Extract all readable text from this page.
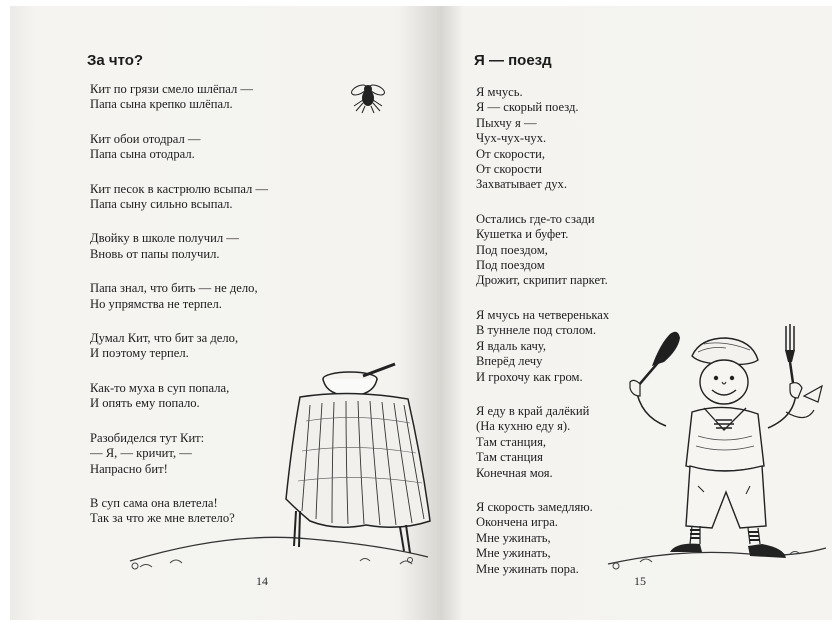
За что?
Кит по грязи смело шлёпал —
Папа сына крепко шлёпал.
Кит обои отодрал —
Папа сына отодрал.
Кит песок в кастрюлю всыпал —
Папа сыну сильно всыпал.
Двойку в школе получил —
Вновь от папы получил.
Папа знал, что бить — не дело,
Но упрямства не терпел.
Думал Кит, что бит за дело,
И поэтому терпел.
Как-то муха в суп попала,
И опять ему попало.
Разобиделся тут Кит:
— Я, — кричит, —
Напрасно бит!
В суп сама она влетела!
Так за что же мне влетело?
14
Я — поезд
Я мчусь.
Я — скорый поезд.
Пыхчу я —
Чух-чух-чух.
От скорости,
От скорости
Захватывает дух.
Остались где-то сзади
Кушетка и буфет.
Под поездом,
Под поездом
Дрожит, скрипит паркет.
Я мчусь на четвереньках
В туннеле под столом.
Я вдаль качу,
Вперёд лечу
И грохочу как гром.
Я еду в край далёкий
(На кухню еду я).
Там станция,
Там станция
Конечная моя.
Я скорость замедляю.
Окончена игра.
Мне ужинать,
Мне ужинать,
Мне ужинать пора.
15
